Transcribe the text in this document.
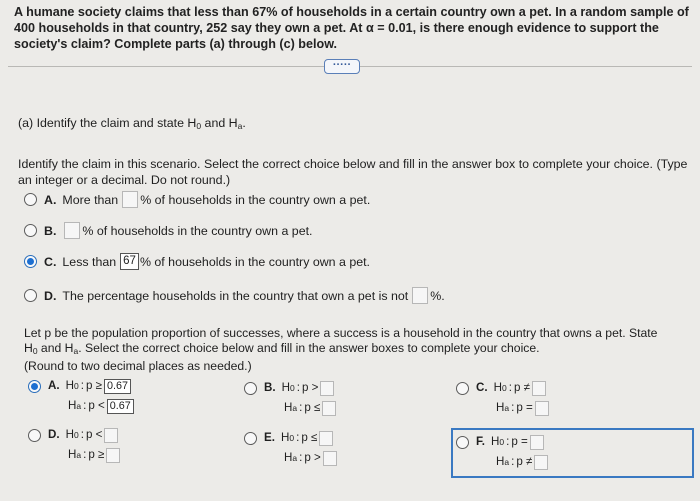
A humane society claims that less than 67% of households in a certain country own a pet. In a random sample of 400 households in that country, 252 say they own a pet. At α = 0.01, is there enough evidence to support the society's claim? Complete parts (a) through (c) below.
·····
(a) Identify the claim and state $H_0$ and $H_a$.
Identify the claim in this scenario. Select the correct choice below and fill in the answer box to complete your choice. (Type an integer or a decimal. Do not round.)
A. More than % of households in the country own a pet.
B. % of households in the country own a pet.
C. Less than 67 % of households in the country own a pet.
D. The percentage households in the country that own a pet is not %.
Let p be the population proportion of successes, where a success is a household in the country that owns a pet. State
$H_0$ and $H_a$. Select the correct choice below and fill in the answer boxes to complete your choice.
(Round to two decimal places as needed.)
A. H 0 : p ≥ 0.67
H a : p < 0.67
B. H 0 : p >
H a : p ≤
C. H 0 : p ≠
H a : p =
D. H 0 : p <
H a : p ≥
E. H 0 : p ≤
H a : p >
F. H 0 : p =
H a : p ≠
